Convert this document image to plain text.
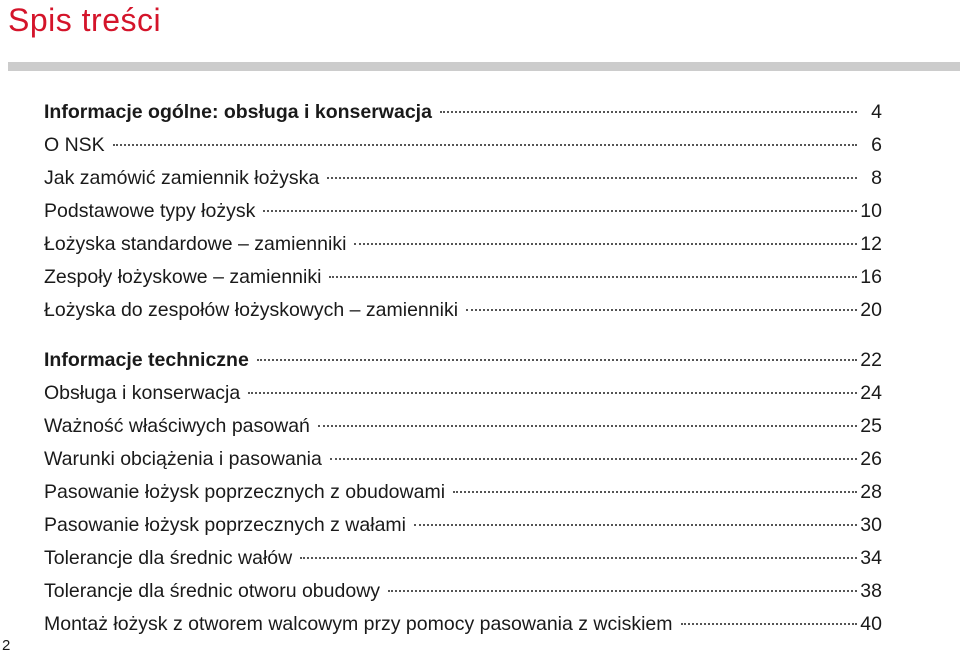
Spis treści
Informacje ogólne: obsługa i konserwacja	4
O NSK	6
Jak zamówić zamiennik łożyska	8
Podstawowe typy łożysk	10
Łożyska standardowe – zamienniki	12
Zespoły łożyskowe – zamienniki	16
Łożyska do zespołów łożyskowych – zamienniki	20
Informacje techniczne	22
Obsługa i konserwacja	24
Ważność właściwych pasowań	25
Warunki obciążenia i pasowania	26
Pasowanie łożysk poprzecznych z obudowami	28
Pasowanie łożysk poprzecznych z wałami	30
Tolerancje dla średnic wałów	34
Tolerancje dla średnic otworu obudowy	38
Montaż łożysk z otworem walcowym przy pomocy pasowania z wciskiem	40
2
